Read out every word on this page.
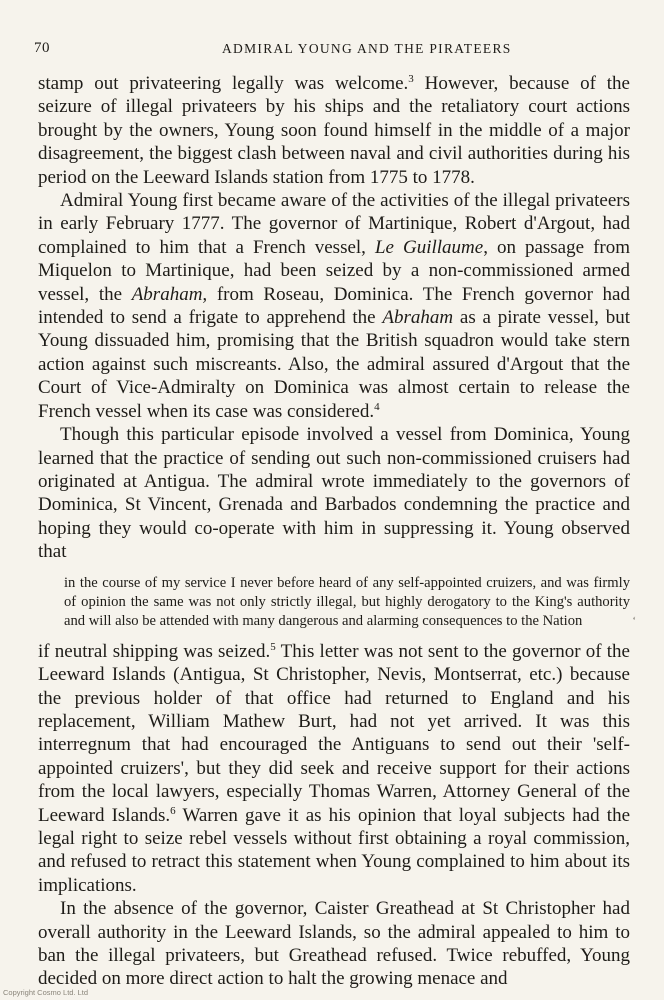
70	ADMIRAL YOUNG AND THE PIRATEERS

stamp out privateering legally was welcome.$^3$ However, because of the seizure of illegal privateers by his ships and the retaliatory court actions brought by the owners, Young soon found himself in the middle of a major disagreement, the biggest clash between naval and civil authorities during his period on the Leeward Islands station from 1775 to 1778.

Admiral Young first became aware of the activities of the illegal privateers in early February 1777. The governor of Martinique, Robert d'Argout, had complained to him that a French vessel, Le Guillaume, on passage from Miquelon to Martinique, had been seized by a non-commissioned armed vessel, the Abraham, from Roseau, Dominica. The French governor had intended to send a frigate to apprehend the Abraham as a pirate vessel, but Young dissuaded him, promising that the British squadron would take stern action against such miscreants. Also, the admiral assured d'Argout that the Court of Vice-Admiralty on Dominica was almost certain to release the French vessel when its case was considered.$^4$

Though this particular episode involved a vessel from Dominica, Young learned that the practice of sending out such non-commissioned cruisers had originated at Antigua. The admiral wrote immediately to the governors of Dominica, St Vincent, Grenada and Barbados condemning the practice and hoping they would co-operate with him in suppressing it. Young observed that

in the course of my service I never before heard of any self-appointed cruizers, and was firmly of opinion the same was not only strictly illegal, but highly derogatory to the King's authority and will also be attended with many dangerous and alarming consequences to the Nation	‘

if neutral shipping was seized.$^5$ This letter was not sent to the governor of the Leeward Islands (Antigua, St Christopher, Nevis, Montserrat, etc.) because the previous holder of that office had returned to England and his replacement, William Mathew Burt, had not yet arrived. It was this interregnum that had encouraged the Antiguans to send out their 'self-appointed cruizers', but they did seek and receive support for their actions from the local lawyers, especially Thomas Warren, Attorney General of the Leeward Islands.$^6$ Warren gave it as his opinion that loyal subjects had the legal right to seize rebel vessels without first obtaining a royal commission, and refused to retract this statement when Young complained to him about its implications.

In the absence of the governor, Caister Greathead at St Christopher had overall authority in the Leeward Islands, so the admiral appealed to him to ban the illegal privateers, but Greathead refused. Twice rebuffed, Young decided on more direct action to halt the growing menace and

Copyright Cosmo Ltd. Ltd
